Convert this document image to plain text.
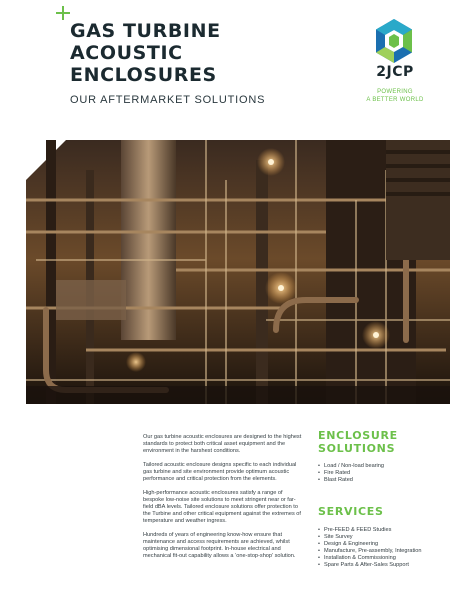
GAS TURBINE
ACOUSTIC
ENCLOSURES
OUR AFTERMARKET SOLUTIONS
2JCP
POWERING
A BETTER WORLD

Our gas turbine acoustic enclosures are designed to the highest standards to protect both critical asset equipment and the environment in the harshest conditions.

Tailored acoustic enclosure designs specific to each individual gas turbine and site environment provide optimum acoustic performance and critical protection from the elements.

High-performance acoustic enclosures satisfy a range of bespoke low-noise site solutions to meet stringent near or far-field dBA levels. Tailored enclosure solutions offer protection to the Turbine and other critical equipment against the extremes of temperature and weather ingress.

Hundreds of years of engineering know-how ensure that maintenance and access requirements are achieved, whilst optimising dimensional footprint. In-house electrical and mechanical fit-out capability allows a ‘one-stop-shop’ solution.

ENCLOSURE
SOLUTIONS
• Load / Non-load bearing
• Fire Rated
• Blast Rated
SERVICES
• Pre-FEED & FEED Studies
• Site Survey
• Design & Engineering
• Manufacture, Pre-assembly, Integration
• Installation & Commissioning
• Spare Parts & After-Sales Support
